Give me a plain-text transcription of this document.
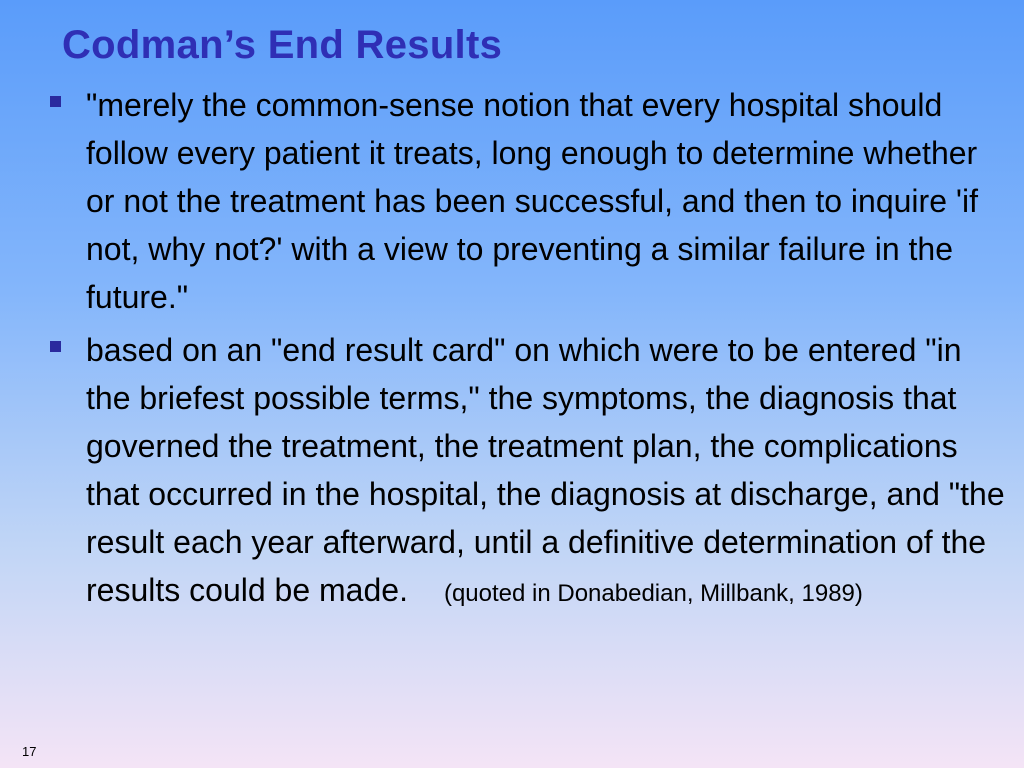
Codman’s End Results
"merely the common-sense notion that every hospital should follow every patient it treats, long enough to determine whether or not the treatment has been successful, and then to inquire 'if not, why not?' with a view to preventing a similar failure in the future."
based on an "end result card" on which were to be entered "in the briefest possible terms," the symptoms, the diagnosis that governed the treatment, the treatment plan, the complications that occurred in the hospital, the diagnosis at discharge, and "the result each year afterward, until a definitive determination of the results could be made. (quoted in Donabedian, Millbank, 1989)
17
